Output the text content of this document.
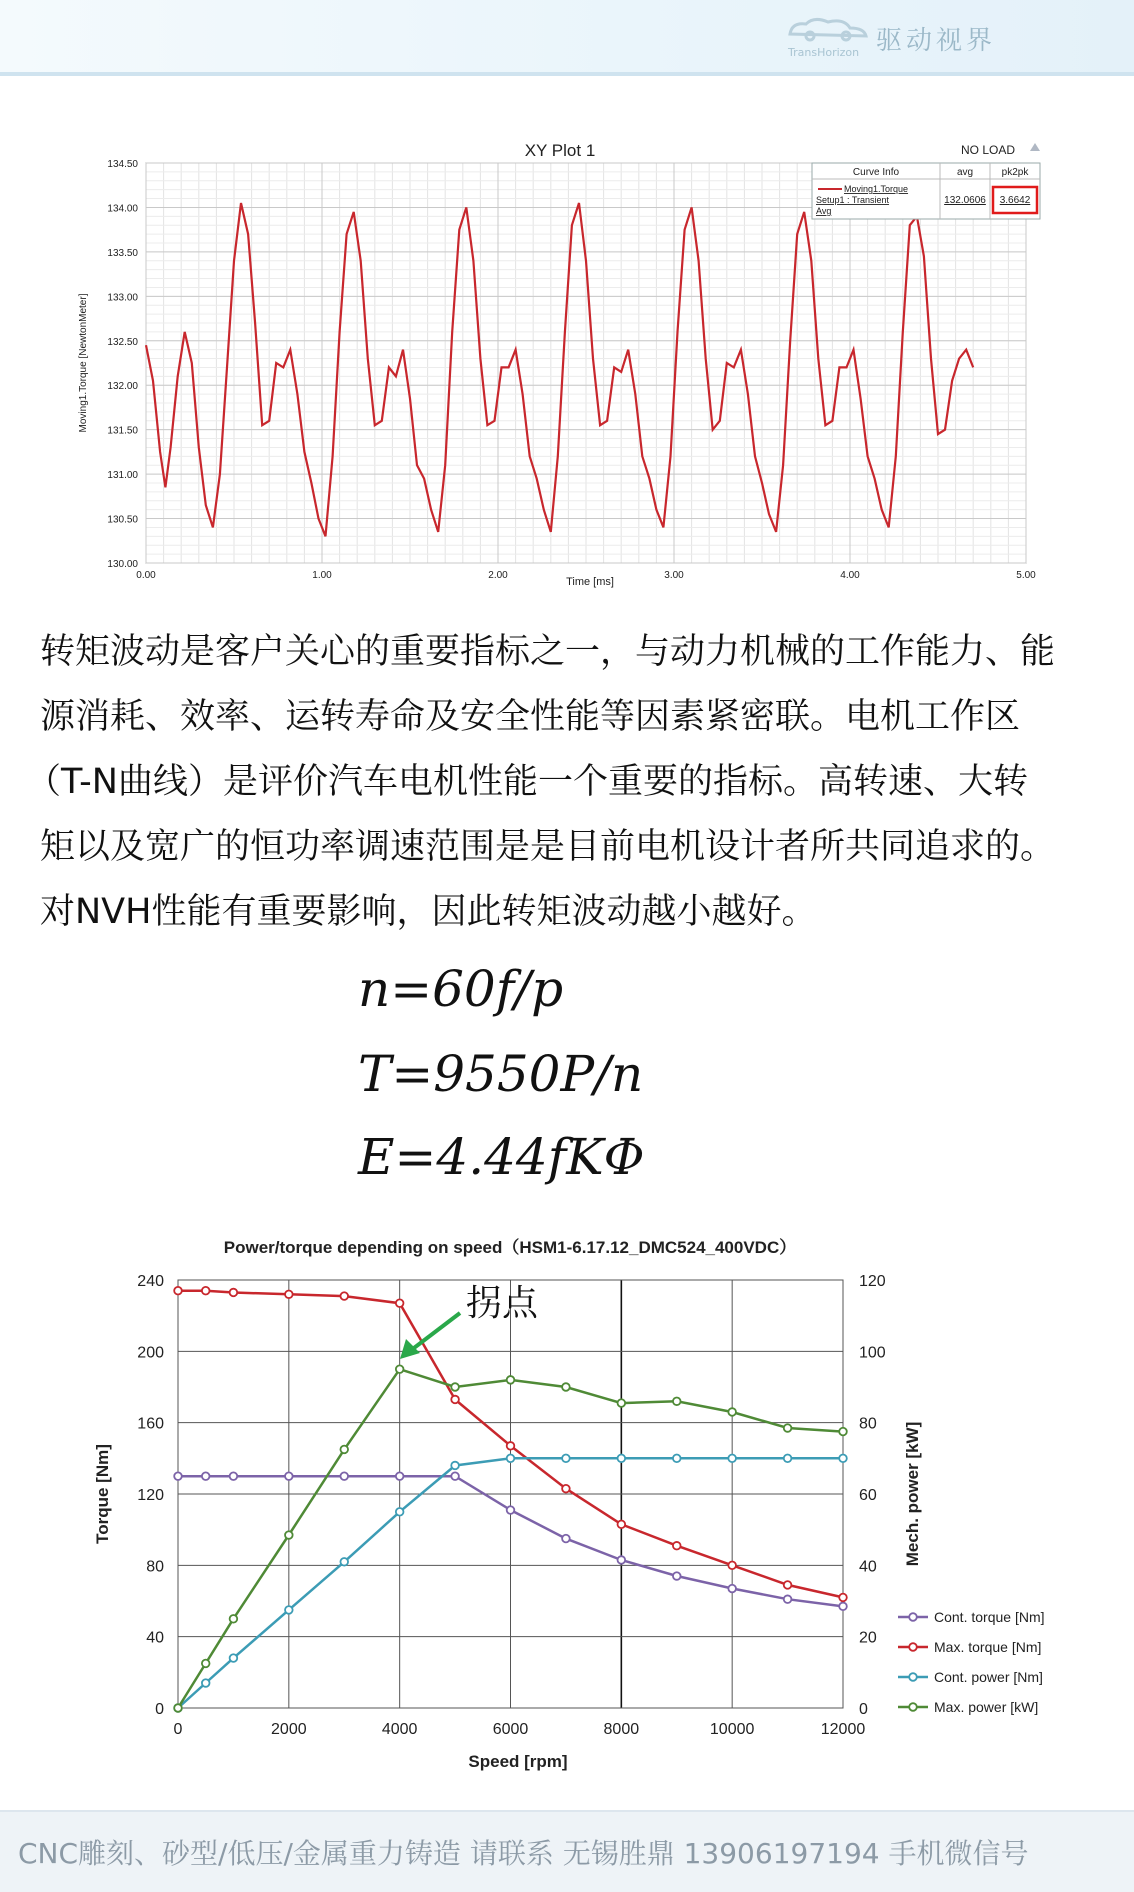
驱动视界
TransHorizon
XY Plot 1	NO LOAD
130.00
130.50
131.00
131.50
132.00
132.50
133.00
133.50
134.00
134.50
0.00	1.00	2.00	3.00	4.00	5.00
Time [ms]
Moving1.Torque [NewtonMeter]
Curve Info	avg	pk2pk
Moving1.Torque
Setup1 : Transient
Avg
132.0606 3.6642
转矩波动是客户关心的重要指标之一，与动力机械的工作能力、能
源消耗、效率、运转寿命及安全性能等因素紧密联。电机工作区
（T-N曲线）是评价汽车电机性能一个重要的指标。高转速、大转
矩以及宽广的恒功率调速范围是是目前电机设计者所共同追求的。
对NVH性能有重要影响，因此转矩波动越小越好。
n=60f/p
T=9550P/n
E=4.44fKΦ
Power/torque depending on speed（HSM1-6.17.12_DMC524_400VDC）
0
40
80
120
160
200
240
0
20
40
60
80
100
120
0	2000	4000	6000	8000	10000	12000
Speed [rpm]
Torque [Nm]	Mech. power [kW]
拐点
Cont. torque [Nm]
Max. torque [Nm]
Cont. power [Nm]
Max. power [kW]
CNC雕刻、砂型/低压/金属重力铸造 请联系 无锡胜鼎 13906197194 手机微信号
